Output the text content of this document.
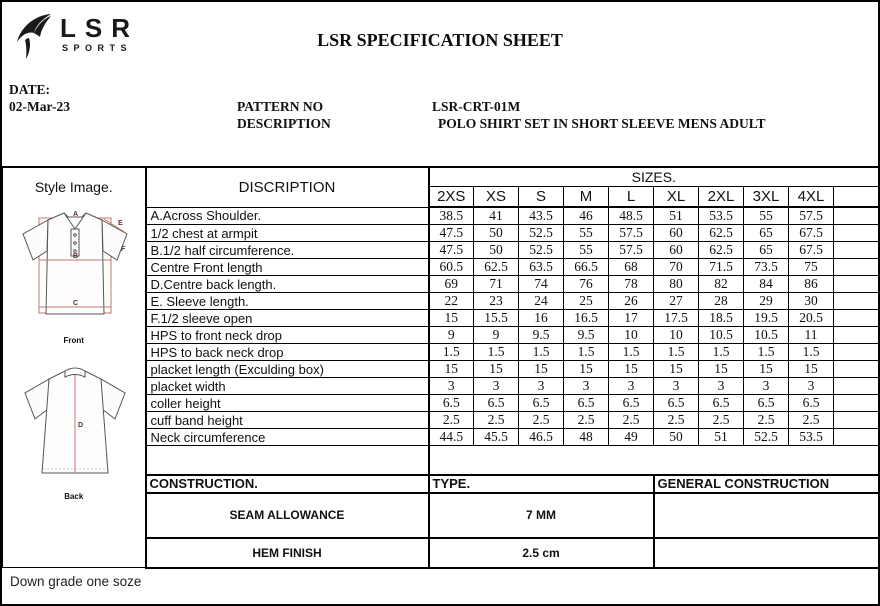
LSR
SPORTS	LSR SPECIFICATION SHEET
DATE:
02-Mar-23	PATTERN NO
DESCRIPTION
LSR-CRT-01M
POLO SHIRT SET IN SHORT SLEEVE MENS ADULT
Style Image.
A
E
F
B
C
Front
D
Back
	DISCRIPTION	SIZES.
		2XS	XS	S	M	L	XL	2XL	3XL	4XL	
	A.Across Shoulder.	38.5	41	43.5	46	48.5	51	53.5	55	57.5	
	1/2 chest at armpit	47.5	50	52.5	55	57.5	60	62.5	65	67.5	
	B.1/2 half circumference.	47.5	50	52.5	55	57.5	60	62.5	65	67.5	
	Centre Front length	60.5	62.5	63.5	66.5	68	70	71.5	73.5	75	
	D.Centre back length.	69	71	74	76	78	80	82	84	86	
	E. Sleeve length.	22	23	24	25	26	27	28	29	30	
	F.1/2 sleeve open	15	15.5	16	16.5	17	17.5	18.5	19.5	20.5	
	HPS to front neck drop	9	9	9.5	9.5	10	10	10.5	10.5	11	
	HPS to back neck drop	1.5	1.5	1.5	1.5	1.5	1.5	1.5	1.5	1.5	
	placket length (Exculding box)	15	15	15	15	15	15	15	15	15	
	placket width	3	3	3	3	3	3	3	3	3	
	coller height	6.5	6.5	6.5	6.5	6.5	6.5	6.5	6.5	6.5	
	cuff band height	2.5	2.5	2.5	2.5	2.5	2.5	2.5	2.5	2.5	
	Neck circumference	44.5	45.5	46.5	48	49	50	51	52.5	53.5	

	CONSTRUCTION.	TYPE.					GENERAL CONSTRUCTION				
	SEAM ALLOWANCE	7 MM									
	HEM FINISH	2.5 cm									
Down grade one soze
